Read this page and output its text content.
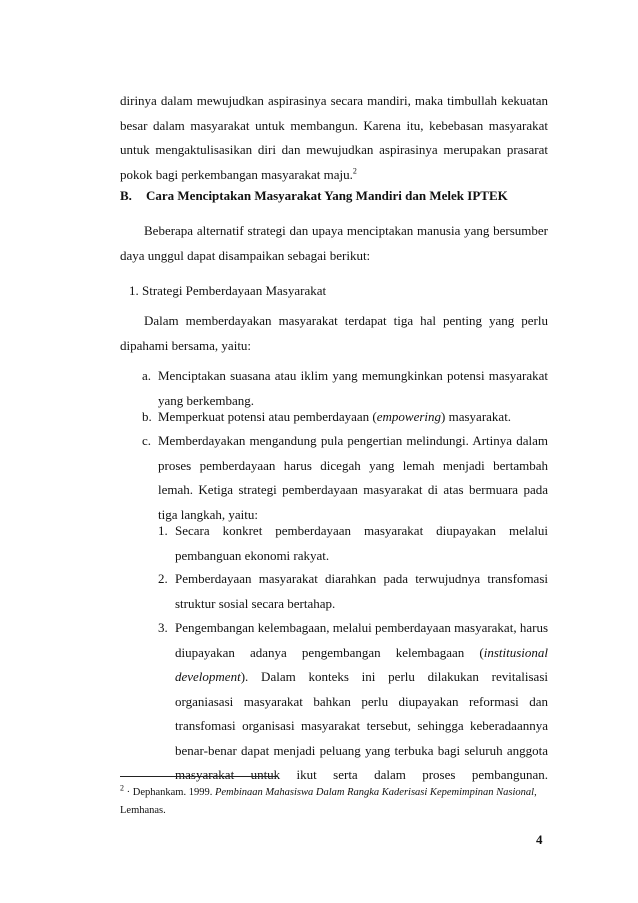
dirinya dalam mewujudkan aspirasinya secara mandiri, maka timbullah kekuatan besar dalam masyarakat untuk membangun. Karena itu, kebebasan masyarakat untuk mengaktulisasikan diri dan mewujudkan aspirasinya merupakan prasarat pokok bagi perkembangan masyarakat maju.$^2$

B. Cara Menciptakan Masyarakat Yang Mandiri dan Melek IPTEK

Beberapa alternatif strategi dan upaya menciptakan manusia yang bersumber daya unggul dapat disampaikan sebagai berikut:

1. Strategi Pemberdayaan Masyarakat

Dalam memberdayakan masyarakat terdapat tiga hal penting yang perlu dipahami bersama, yaitu:

a. Menciptakan suasana atau iklim yang memungkinkan potensi masyarakat yang berkembang.
b. Memperkuat potensi atau pemberdayaan (empowering) masyarakat.
c. Memberdayakan mengandung pula pengertian melindungi. Artinya dalam proses pemberdayaan harus dicegah yang lemah menjadi bertambah lemah. Ketiga strategi pemberdayaan masyarakat di atas bermuara pada tiga langkah, yaitu:
1. Secara konkret pemberdayaan masyarakat diupayakan melalui pembanguan ekonomi rakyat.
2. Pemberdayaan masyarakat diarahkan pada terwujudnya transfomasi struktur sosial secara bertahap.
3. Pengembangan kelembagaan, melalui pemberdayaan masyarakat, harus diupayakan adanya pengembangan kelembagaan (institusional development). Dalam konteks ini perlu dilakukan revitalisasi organiasasi masyarakat bahkan perlu diupayakan reformasi dan transfomasi organisasi masyarakat tersebut, sehingga keberadaannya benar-benar dapat menjadi peluang yang terbuka bagi seluruh anggota masyarakat untuk ikut serta dalam proses pembangunan.

$^2$ · Dephankam. 1999. Pembinaan Mahasiswa Dalam Rangka Kaderisasi Kepemimpinan Nasional, Lemhanas.

4
